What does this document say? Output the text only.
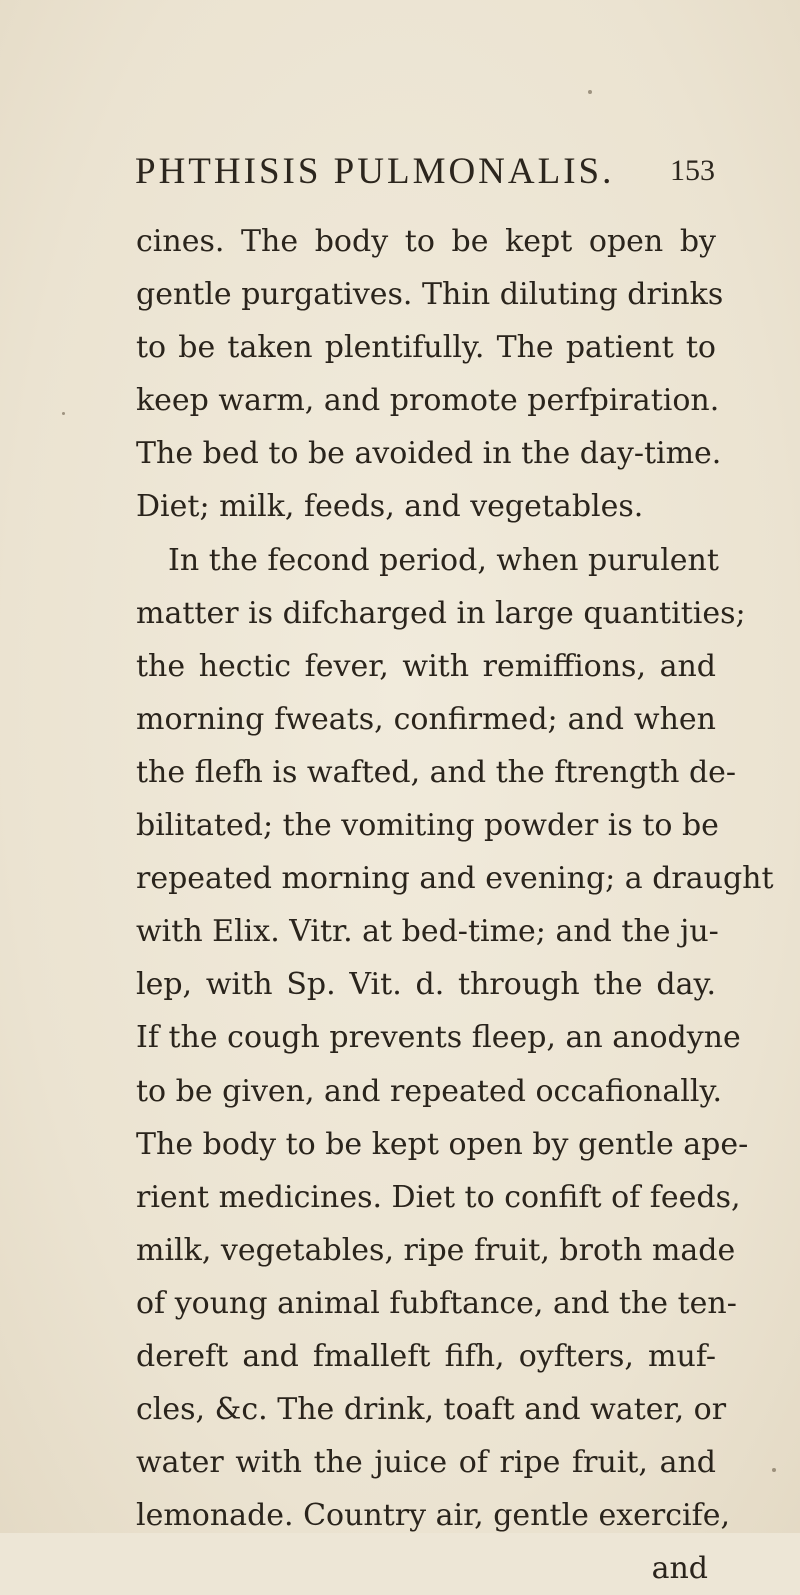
PHTHISIS PULMONALIS. 153
cines. The body to be kept open by
gentle purgatives. Thin diluting drinks
to be taken plentifully. The patient to
keep warm, and promote perfpiration.
The bed to be avoided in the day-time.
Diet; milk, feeds, and vegetables.
In the fecond period, when purulent
matter is difcharged in large quantities;
the hectic fever, with remiffions, and
morning fweats, confirmed; and when
the flefh is wafted, and the ftrength de-
bilitated; the vomiting powder is to be
repeated morning and evening; a draught
with Elix. Vitr. at bed-time; and the ju-
lep, with Sp. Vit. d. through the day.
If the cough prevents fleep, an anodyne
to be given, and repeated occafionally.
The body to be kept open by gentle ape-
rient medicines. Diet to confift of feeds,
milk, vegetables, ripe fruit, broth made
of young animal fubftance, and the ten-
dereft and fmalleft fifh, oyfters, muf-
cles, &c. The drink, toaft and water, or
water with the juice of ripe fruit, and
lemonade. Country air, gentle exercife,
and
